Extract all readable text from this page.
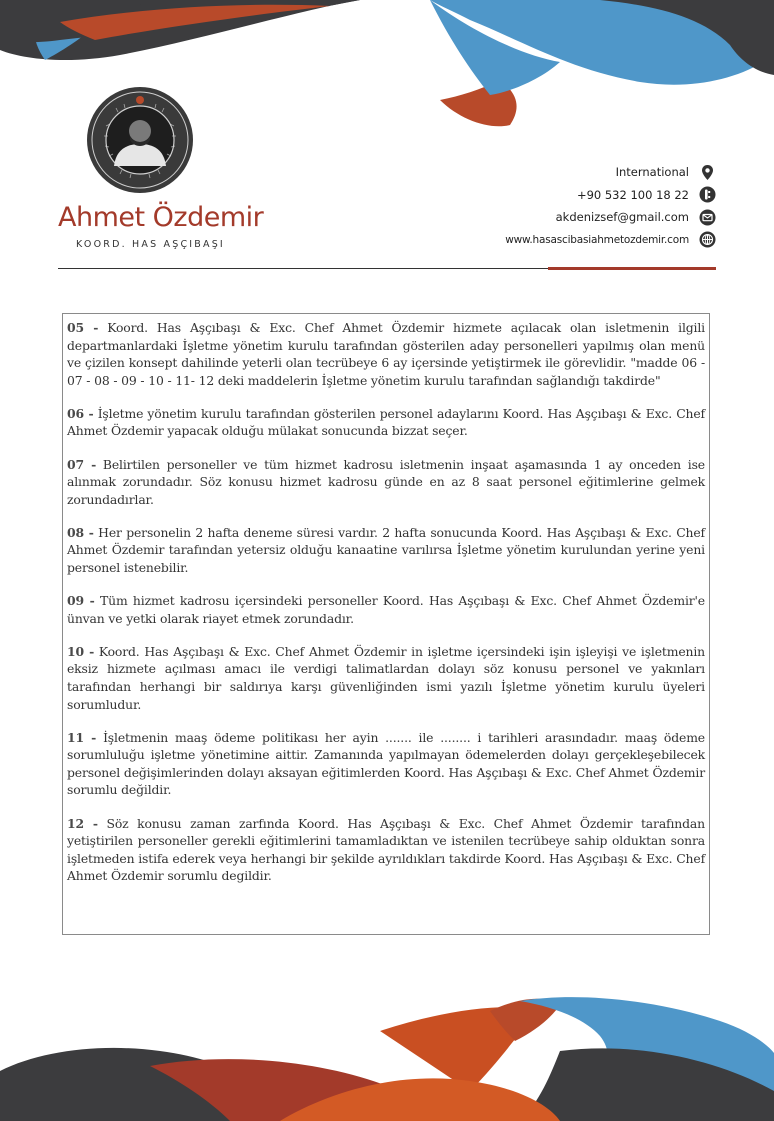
Ahmet Özdemir
KOORD. HAS AŞÇIBAŞI
International
+90 532 100 18 22
akdenizsef@gmail.com
www.hasascibasiahmetozdemir.com

05 - Koord. Has Aşçıbaşı & Exc. Chef Ahmet Özdemir hizmete açılacak olan isletmenin ilgili departmanlardaki İşletme yönetim kurulu tarafından gösterilen aday personelleri yapılmış olan menü ve çizilen konsept dahilinde yeterli olan tecrübeye 6 ay içersinde yetiştirmek ile görevlidir. "madde 06 - 07 - 08 - 09 - 10 - 11- 12 deki maddelerin İşletme yönetim kurulu tarafından sağlandığı takdirde"

06 - İşletme yönetim kurulu tarafından gösterilen personel adaylarını Koord. Has Aşçıbaşı & Exc. Chef Ahmet Özdemir yapacak olduğu mülakat sonucunda bizzat seçer.

07 - Belirtilen personeller ve tüm hizmet kadrosu isletmenin inşaat aşamasında 1 ay onceden ise alınmak zorundadır. Söz konusu hizmet kadrosu günde en az 8 saat personel eğitimlerine gelmek zorundadırlar.

08 - Her personelin 2 hafta deneme süresi vardır. 2 hafta sonucunda Koord. Has Aşçıbaşı & Exc. Chef Ahmet Özdemir tarafından yetersiz olduğu kanaatine varılırsa İşletme yönetim kurulundan yerine yeni personel istenebilir.

09 - Tüm hizmet kadrosu içersindeki personeller Koord. Has Aşçıbaşı & Exc. Chef Ahmet Özdemir'e ünvan ve yetki olarak riayet etmek zorundadır.

10 - Koord. Has Aşçıbaşı & Exc. Chef Ahmet Özdemir in işletme içersindeki işin işleyişi ve işletmenin eksiz hizmete açılması amacı ile verdigi talimatlardan dolayı söz konusu personel ve yakınları tarafından herhangi bir saldırıya karşı güvenliğinden ismi yazılı İşletme yönetim kurulu üyeleri sorumludur.

11 - İşletmenin maaş ödeme politikası her ayin ....... ile ........ i tarihleri arasındadır. maaş ödeme sorumluluğu işletme yönetimine aittir. Zamanında yapılmayan ödemelerden dolayı gerçekleşebilecek personel değişimlerinden dolayı aksayan eğitimlerden Koord. Has Aşçıbaşı & Exc. Chef Ahmet Özdemir sorumlu değildir.

12 - Söz konusu zaman zarfında Koord. Has Aşçıbaşı & Exc. Chef Ahmet Özdemir tarafından yetiştirilen personeller gerekli eğitimlerini tamamladıktan ve istenilen tecrübeye sahip olduktan sonra işletmeden istifa ederek veya herhangi bir şekilde ayrıldıkları takdirde Koord. Has Aşçıbaşı & Exc. Chef Ahmet Özdemir sorumlu degildir.
